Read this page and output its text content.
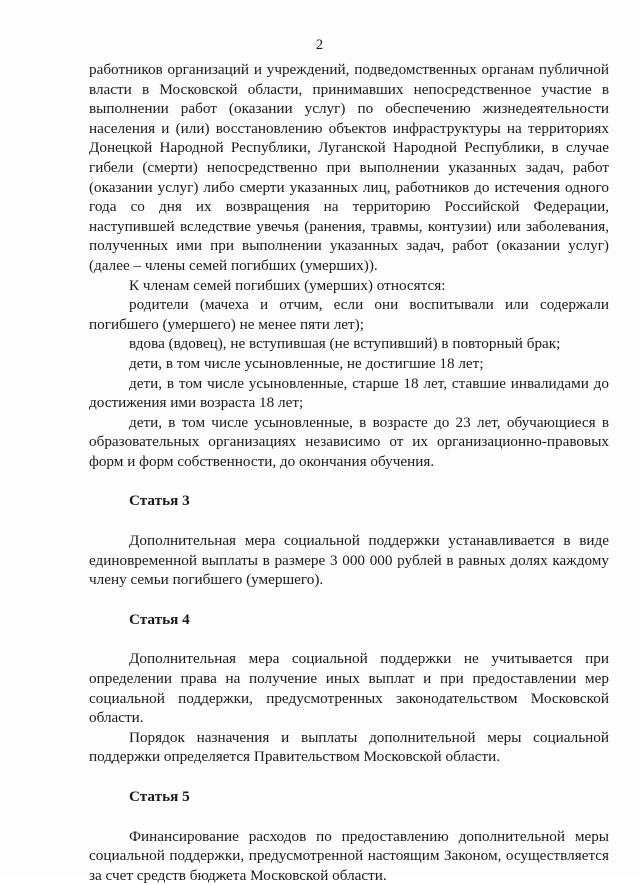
2

работников организаций и учреждений, подведомственных органам публичной власти в Московской области, принимавших непосредственное участие в выполнении работ (оказании услуг) по обеспечению жизнедеятельности населения и (или) восстановлению объектов инфраструктуры на территориях Донецкой Народной Республики, Луганской Народной Республики, в случае гибели (смерти) непосредственно при выполнении указанных задач, работ (оказании услуг) либо смерти указанных лиц, работников до истечения одного года со дня их возвращения на территорию Российской Федерации, наступившей вследствие увечья (ранения, травмы, контузии) или заболевания, полученных ими при выполнении указанных задач, работ (оказании услуг) (далее – члены семей погибших (умерших)).

К членам семей погибших (умерших) относятся:

родители (мачеха и отчим, если они воспитывали или содержали погибшего (умершего) не менее пяти лет);

вдова (вдовец), не вступившая (не вступивший) в повторный брак;

дети, в том числе усыновленные, не достигшие 18 лет;

дети, в том числе усыновленные, старше 18 лет, ставшие инвалидами до достижения ими возраста 18 лет;

дети, в том числе усыновленные, в возрасте до 23 лет, обучающиеся в образовательных организациях независимо от их организационно-правовых форм и форм собственности, до окончания обучения.

Статья 3

Дополнительная мера социальной поддержки устанавливается в виде единовременной выплаты в размере 3 000 000 рублей в равных долях каждому члену семьи погибшего (умершего).

Статья 4

Дополнительная мера социальной поддержки не учитывается при определении права на получение иных выплат и при предоставлении мер социальной поддержки, предусмотренных законодательством Московской области.

Порядок назначения и выплаты дополнительной меры социальной поддержки определяется Правительством Московской области.

Статья 5

Финансирование расходов по предоставлению дополнительной меры социальной поддержки, предусмотренной настоящим Законом, осуществляется за счет средств бюджета Московской области.
